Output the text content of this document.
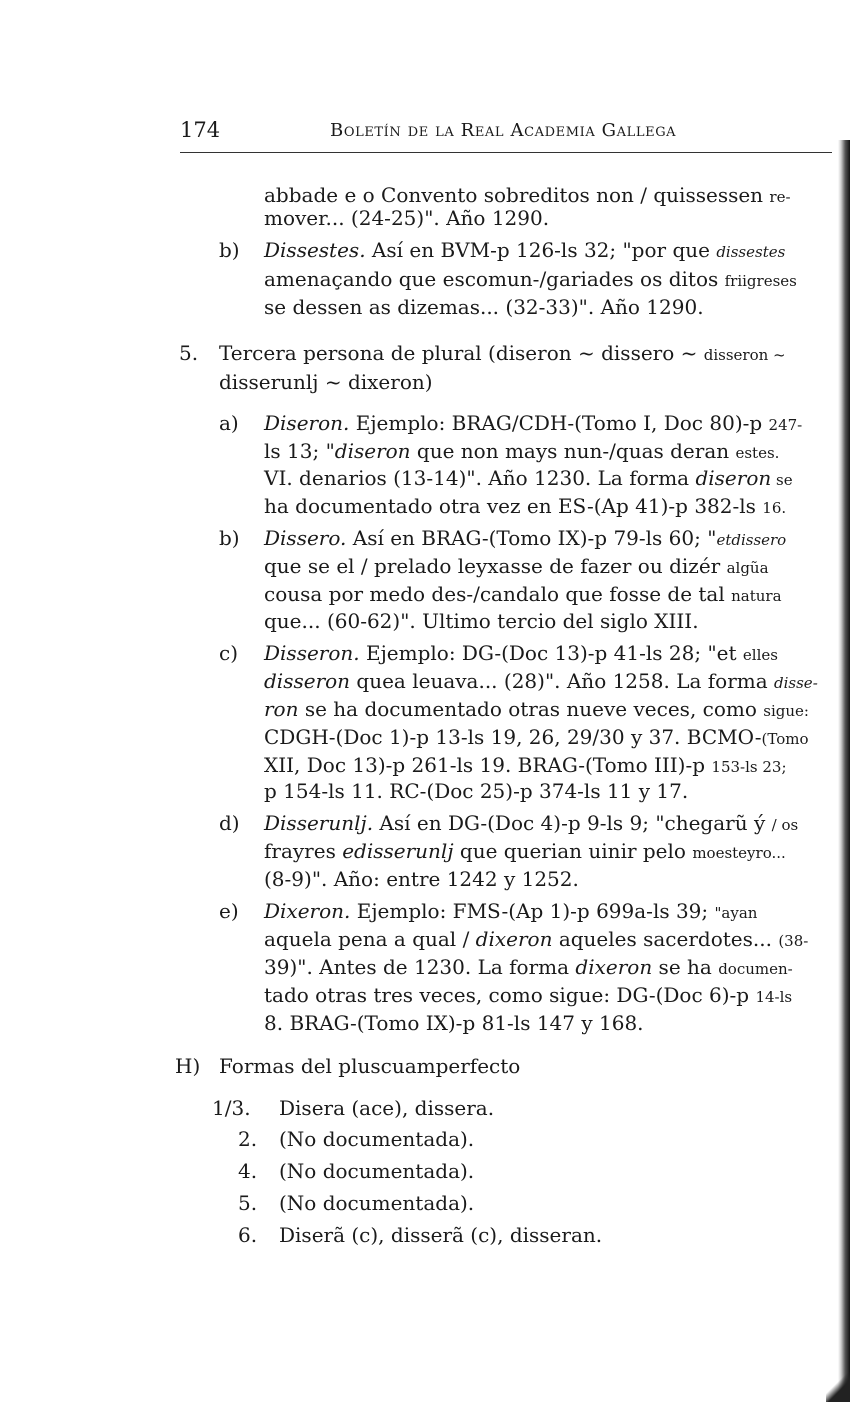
174	Boletín de la Real Academia Gallega
abbade e o Convento sobreditos non / quissessen re-
mover... (24-25)". Año 1290.
b) Dissestes. Así en BVM-p 126-ls 32; "por que dissestes
amenaçando que escomun-/gariades os ditos friigreses
se dessen as dizemas... (32-33)". Año 1290.
5. Tercera persona de plural (diseron ~ dissero ~ disseron ~
disserunlj ~ dixeron)
a) Diseron. Ejemplo: BRAG/CDH-(Tomo I, Doc 80)-p 247-
ls 13; "diseron que non mays nun-/quas deran estes.
VI. denarios (13-14)". Año 1230. La forma diseron se
ha documentado otra vez en ES-(Ap 41)-p 382-ls 16.
b) Dissero. Así en BRAG-(Tomo IX)-p 79-ls 60; "etdissero
que se el / prelado leyxasse de fazer ou dizér algũa
cousa por medo des-/candalo que fosse de tal natura
que... (60-62)". Ultimo tercio del siglo XIII.
c) Disseron. Ejemplo: DG-(Doc 13)-p 41-ls 28; "et elles
disseron quea leuava... (28)". Año 1258. La forma disse-
ron se ha documentado otras nueve veces, como sigue:
CDGH-(Doc 1)-p 13-ls 19, 26, 29/30 y 37. BCMO-(Tomo
XII, Doc 13)-p 261-ls 19. BRAG-(Tomo III)-p 153-ls 23;
p 154-ls 11. RC-(Doc 25)-p 374-ls 11 y 17.
d) Disserunlj. Así en DG-(Doc 4)-p 9-ls 9; "chegarũ ý / os
frayres edisserunlj que querian uinir pelo moesteyro...
(8-9)". Año: entre 1242 y 1252.
e) Dixeron. Ejemplo: FMS-(Ap 1)-p 699a-ls 39; "ayan
aquela pena a qual / dixeron aqueles sacerdotes... (38-
39)". Antes de 1230. La forma dixeron se ha documen-
tado otras tres veces, como sigue: DG-(Doc 6)-p 14-ls
8. BRAG-(Tomo IX)-p 81-ls 147 y 168.
H) Formas del pluscuamperfecto
1/3. Disera (ace), dissera.
2. (No documentada).
4. (No documentada).
5. (No documentada).
6. Diserã (c), disserã (c), disseran.
